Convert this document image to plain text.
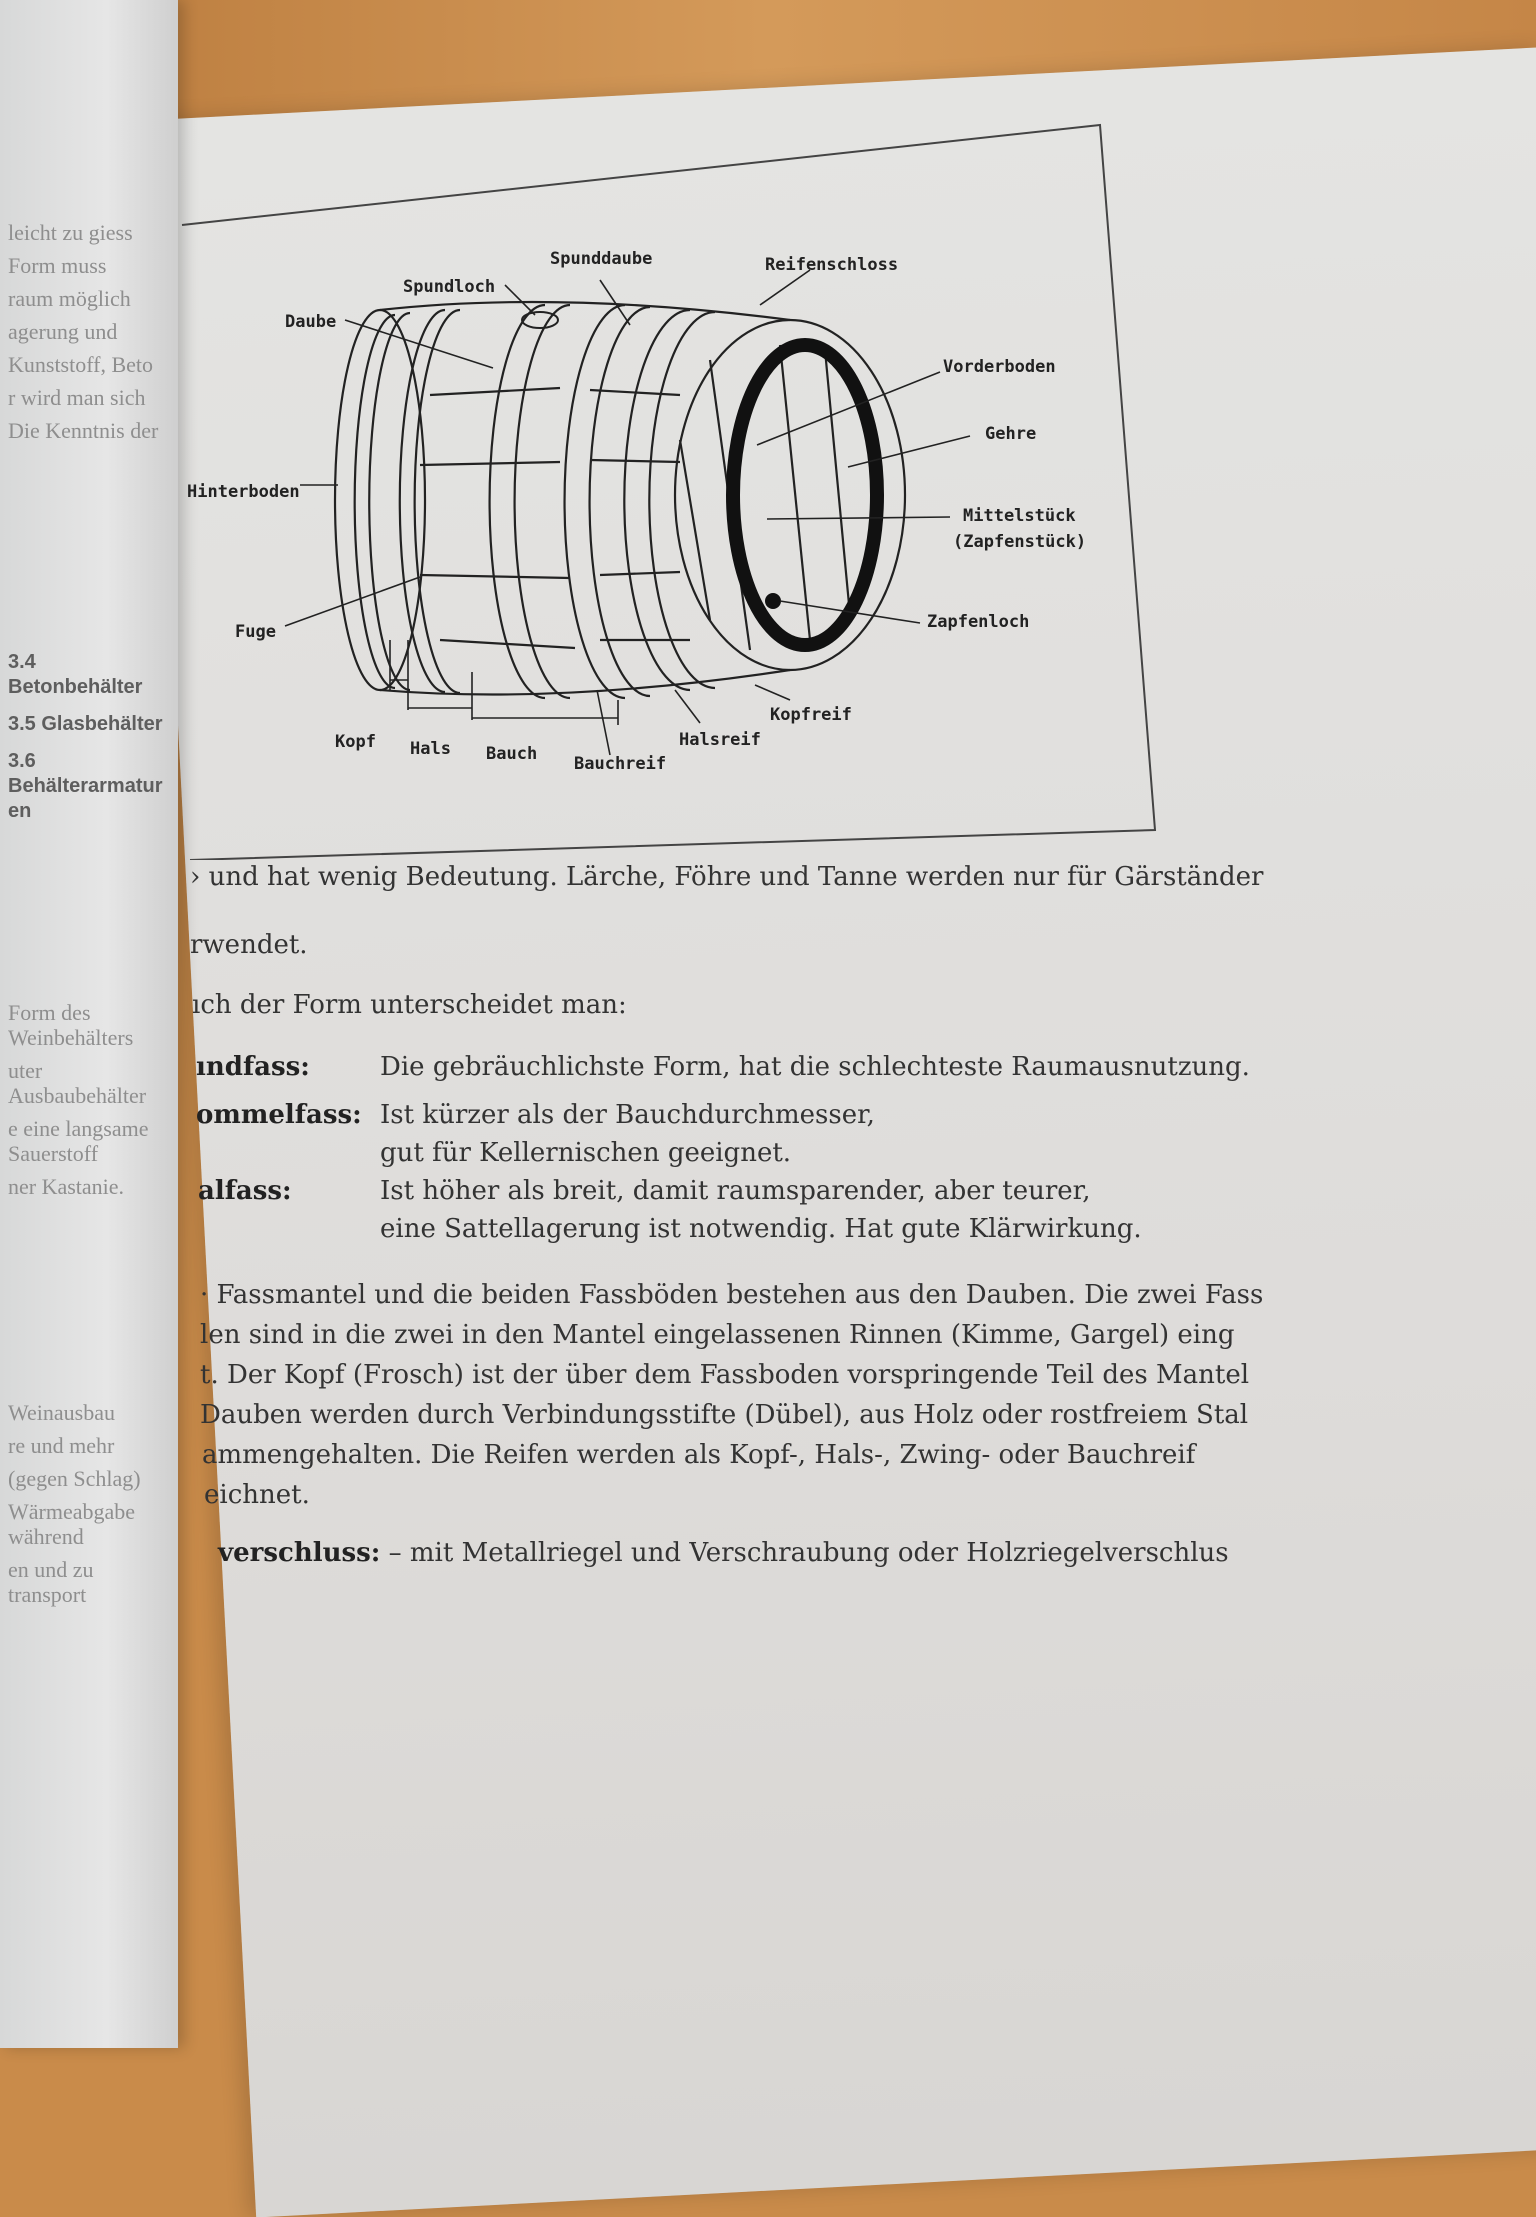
leicht zu giess
Form muss
raum möglich
agerung und
Kunststoff, Beto
r wird man sich
Die Kenntnis der
3.4 Betonbehälter
3.5 Glasbehälter
3.6 Behälterarmaturen
Form des Weinbehälters
uter Ausbaubehälter
e eine langsame Sauerstoff
ner Kastanie.
Weinausbau
re und mehr
(gegen Schlag)
Wärmeabgabe während
en und zu transport
Spundloch
Spunddaube	Reifenschloss
Daube
Vorderboden
Gehre
Hinterboden
Mittelstück
(Zapfenstück)
Zapfenloch
Fuge
Kopf Hals Bauch Bauchreif
Halsreif
Kopfreif
› und hat wenig Bedeutung. Lärche, Föhre und Tanne werden nur für Gärständer
rwendet.
ıch der Form unterscheidet man:
ındfass:	Die gebräuchlichste Form, hat die schlechteste Raumausnutzung.
ommelfass: Ist kürzer als der Bauchdurchmesser,
gut für Kellernischen geeignet.
alfass:	Ist höher als breit, damit raumsparender, aber teurer,
eine Sattellagerung ist notwendig. Hat gute Klärwirkung.
· Fassmantel und die beiden Fassböden bestehen aus den Dauben. Die zwei Fass
len sind in die zwei in den Mantel eingelassenen Rinnen (Kimme, Gargel) eing
t. Der Kopf (Frosch) ist der über dem Fassboden vorspringende Teil des Mantel
Dauben werden durch Verbindungsstifte (Dübel), aus Holz oder rostfreiem Stal
ammengehalten. Die Reifen werden als Kopf-, Hals-, Zwing- oder Bauchreif
eichnet.
verschluss: – mit Metallriegel und Verschraubung oder Holzriegelverschlus
